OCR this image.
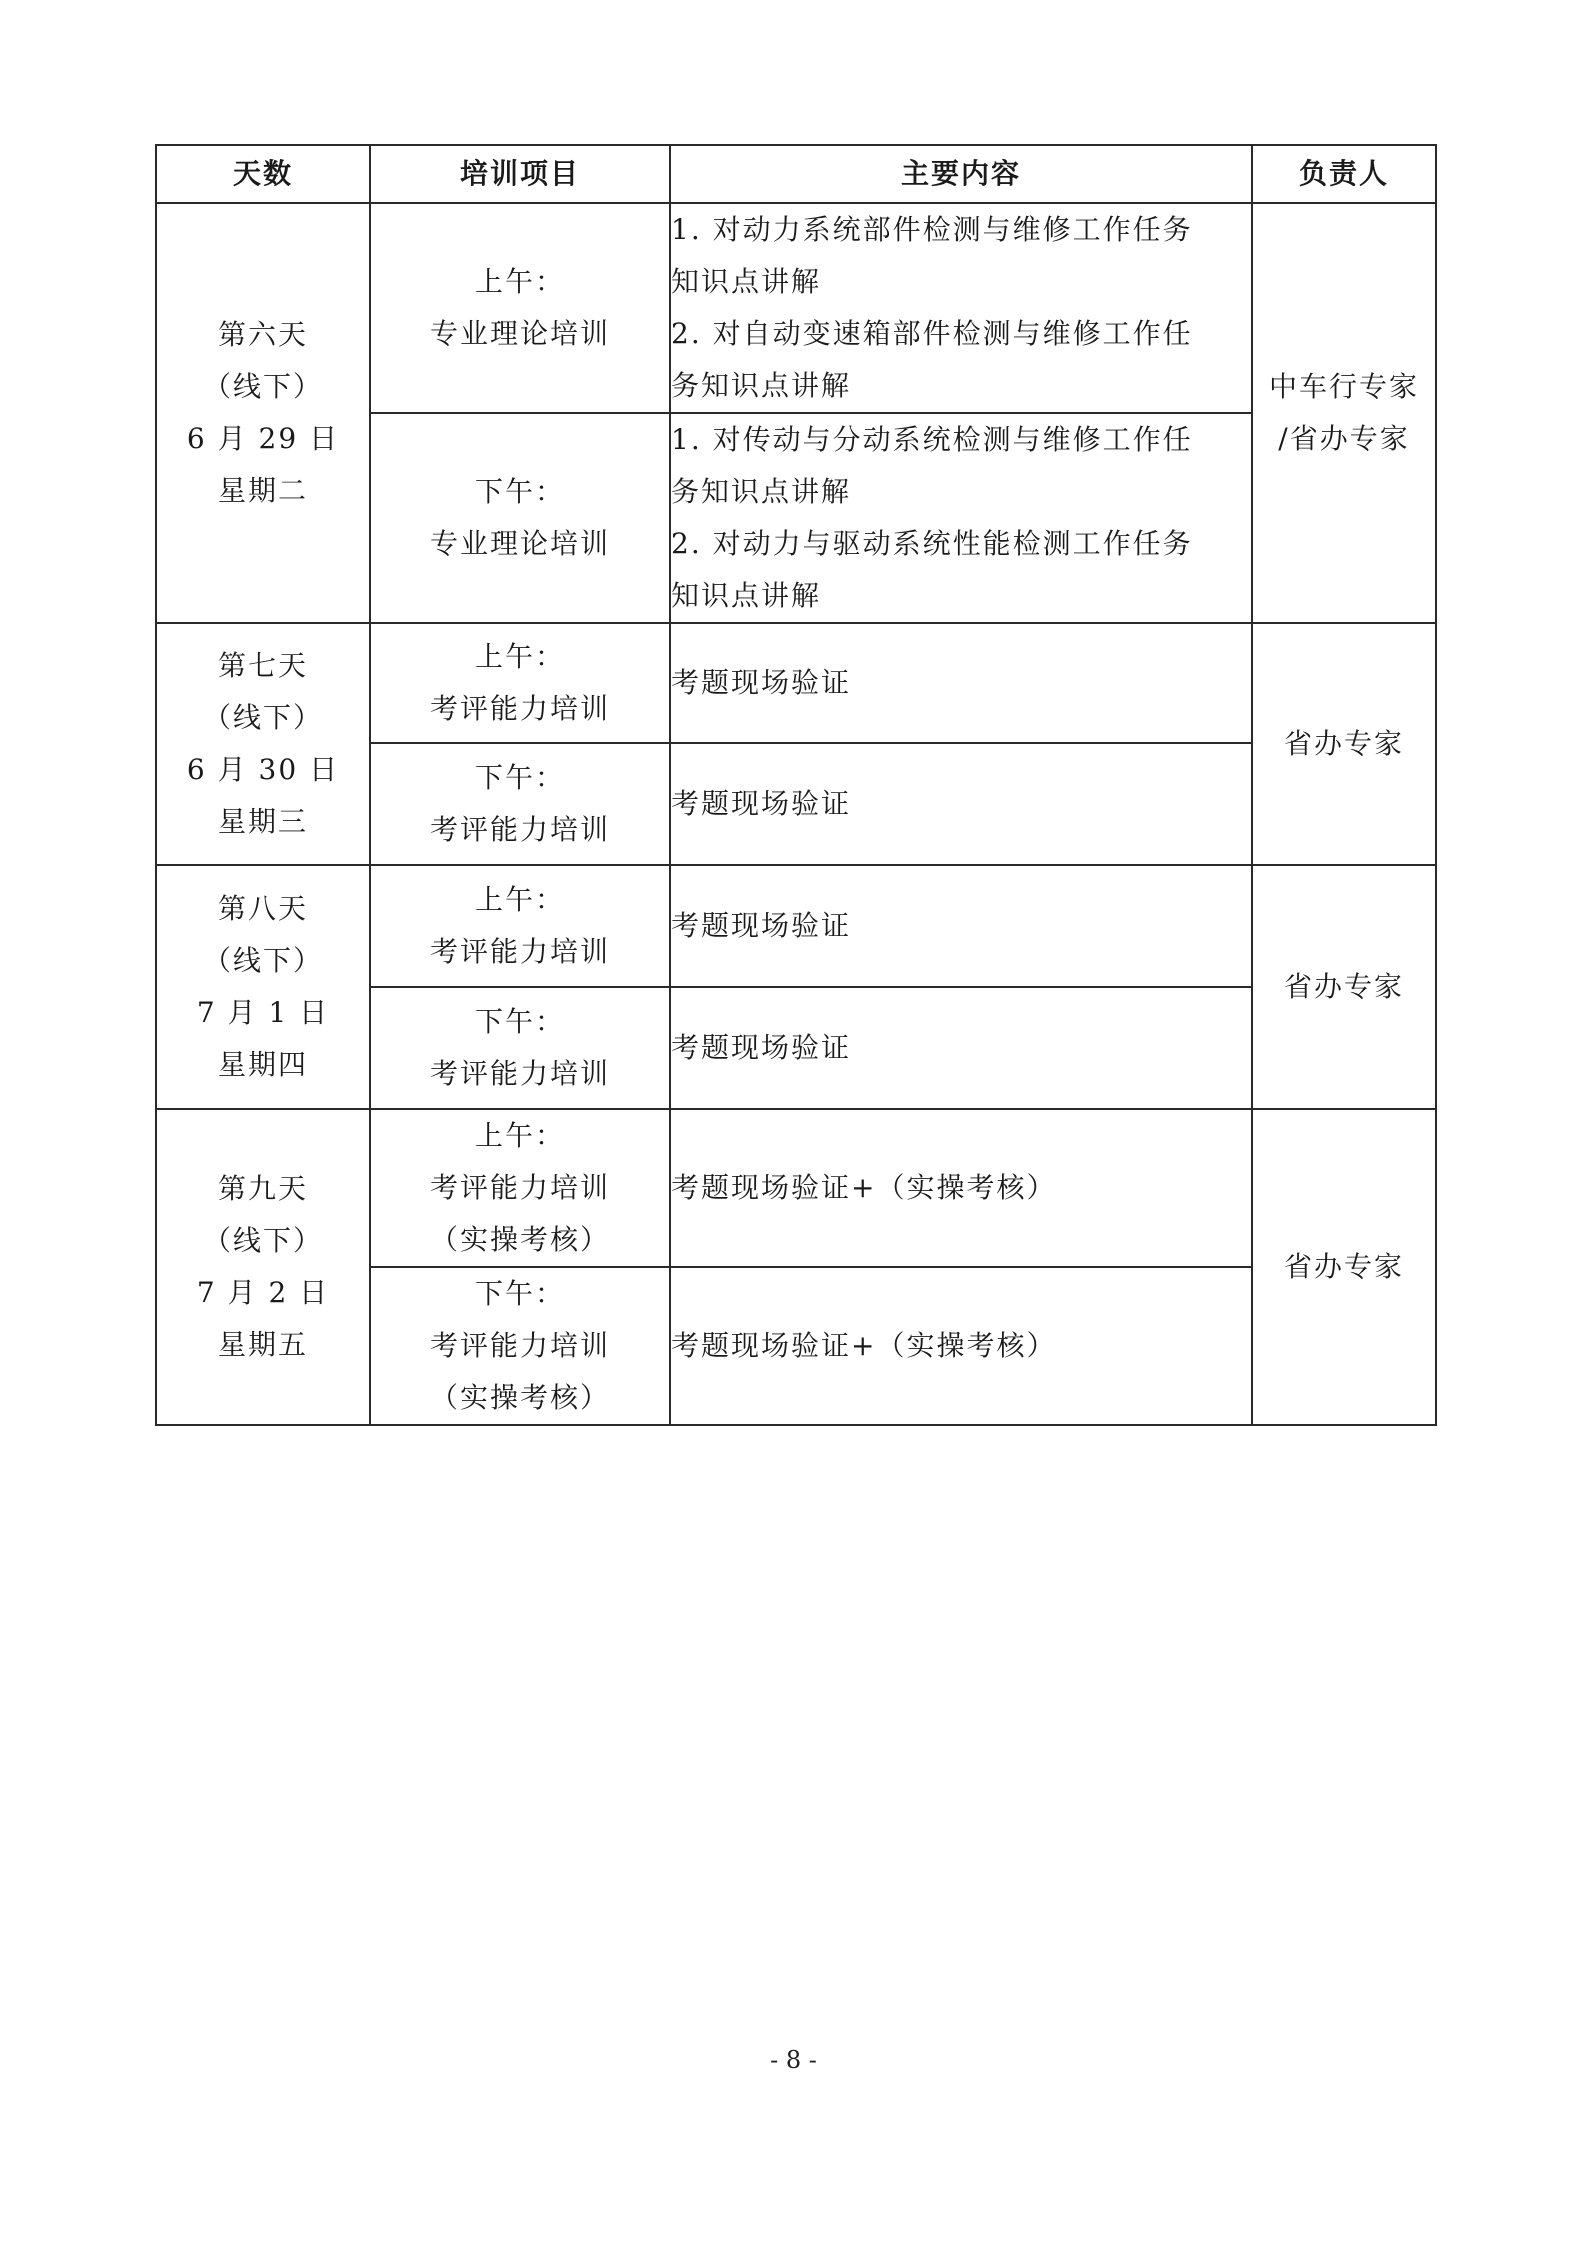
天数	培训项目	主要内容	负责人

第六天
（线下）
6 月 29 日
星期二	上午：
专业理论培训	1. 对动力系统部件检测与维修工作任务
知识点讲解
2. 对自动变速箱部件检测与维修工作任
务知识点讲解	中车行专家
/省办专家

	下午：
专业理论培训	1. 对传动与分动系统检测与维修工作任
务知识点讲解
2. 对动力与驱动系统性能检测工作任务
知识点讲解	

第七天
（线下）
6 月 30 日
星期三	上午：
考评能力培训	考题现场验证	省办专家

	下午：
考评能力培训	考题现场验证	

第八天
（线下）
7 月 1 日
星期四	上午：
考评能力培训	考题现场验证	省办专家

	下午：
考评能力培训	考题现场验证	

第九天
（线下）
7 月 2 日
星期五	上午：
考评能力培训
（实操考核）	考题现场验证+（实操考核）	省办专家

	下午：
考评能力培训
（实操考核）	考题现场验证+（实操考核）	
- 8 -
